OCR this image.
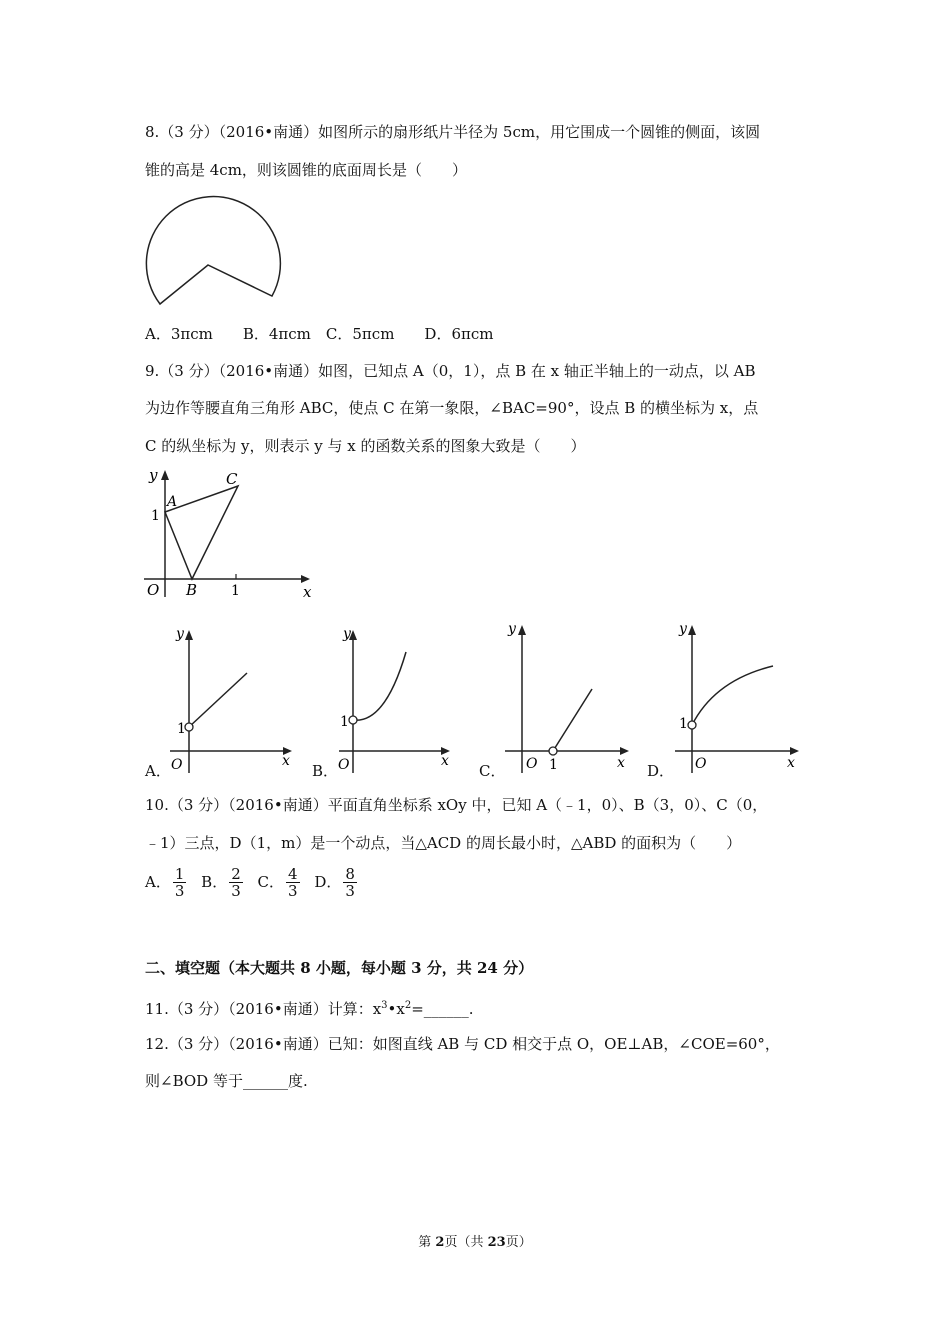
8.（3 分）（2016•南通）如图所示的扇形纸片半径为 5cm，用它围成一个圆锥的侧面，该圆
锥的高是 4cm，则该圆锥的底面周长是（　　）
A．3πcm　　B．4πcm　C．5πcm　　D．6πcm
9.（3 分）（2016•南通）如图，已知点 A（0，1），点 B 在 x 轴正半轴上的一动点，以 AB
为边作等腰直角三角形 ABC，使点 C 在第一象限，∠BAC=90°，设点 B 的横坐标为 x，点
C 的纵坐标为 y，则表示 y 与 x 的函数关系的图象大致是（　　）
y
A
C
1
O B 1	x
y
1
O	x
A．
y
1
O	x
B．
y
O 1	x
C．
y
1
O	x
D．
10.（3 分）（2016•南通）平面直角坐标系 xOy 中，已知 A（﹣1，0）、B（3，0）、C（0，
﹣1）三点，D（1，m）是一个动点，当△ACD 的周长最小时，△ABD 的面积为（　　）
A． $\frac{1}{3}$ B． $\frac{2}{3}$ C． $\frac{4}{3}$ D． $\frac{8}{3}$
二、填空题（本大题共 8 小题，每小题 3 分，共 24 分）
11.（3 分）（2016•南通）计算：$x^3•x^2=\_\_\_\_\_\_$.
12.（3 分）（2016•南通）已知：如图直线 AB 与 CD 相交于点 O，OE⊥AB，∠COE=60°，
则∠BOD 等于______度.
第 2页（共 23页）
